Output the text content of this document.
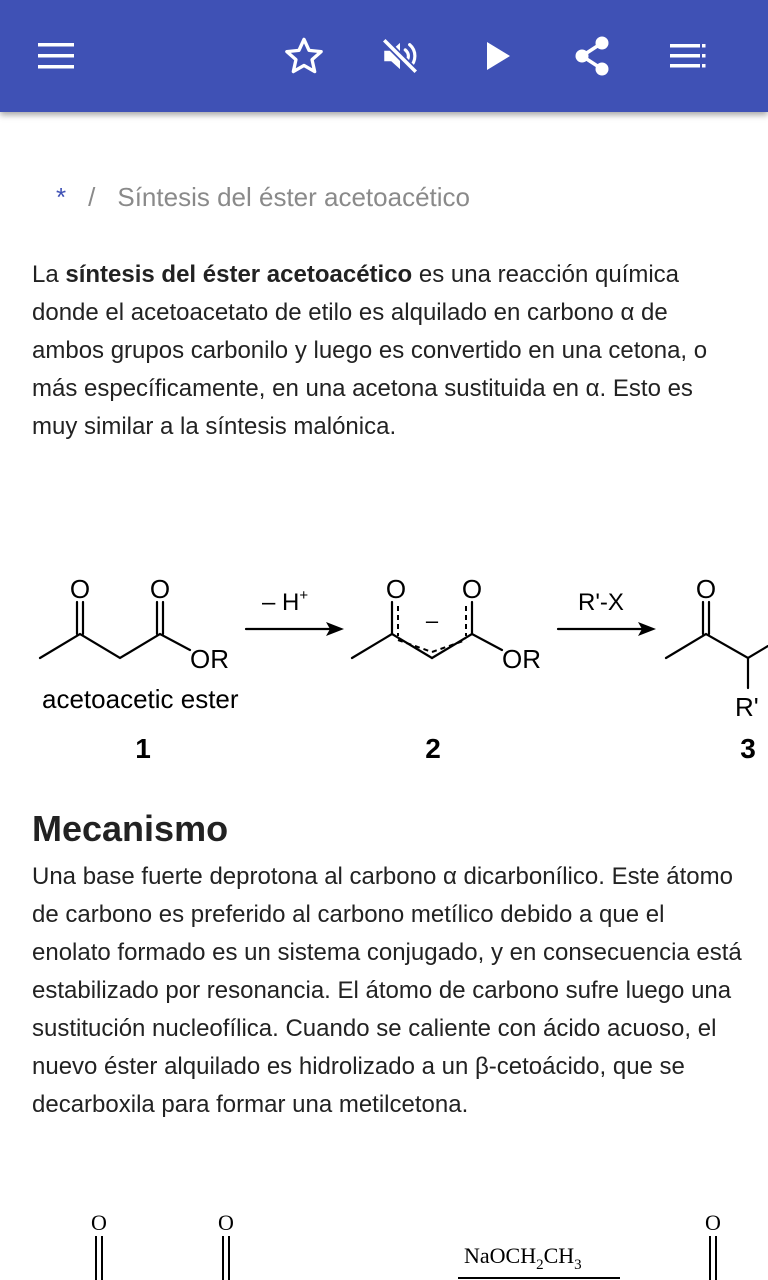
* / Síntesis del éster acetoacético
La síntesis del éster acetoacético es una reacción química donde el acetoacetato de etilo es alquilado en carbono α de ambos grupos carbonilo y luego es convertido en una cetona, o más específicamente, en una acetona sustituida en α. Esto es muy similar a la síntesis malónica.
O O
OR
O O
OR
–
O
R'
– H+	R'-X
acetoacetic ester
1	2	3
Mecanismo
Una base fuerte deprotona al carbono α dicarbonílico. Este átomo de carbono es preferido al carbono metílico debido a que el enolato formado es un sistema conjugado, y en consecuencia está estabilizado por resonancia. El átomo de carbono sufre luego una sustitución nucleofílica. Cuando se caliente con ácido acuoso, el nuevo éster alquilado es hidrolizado a un β-cetoácido, que se decarboxila para formar una metilcetona.
O	O	O
$NaOCH_2CH_3$
